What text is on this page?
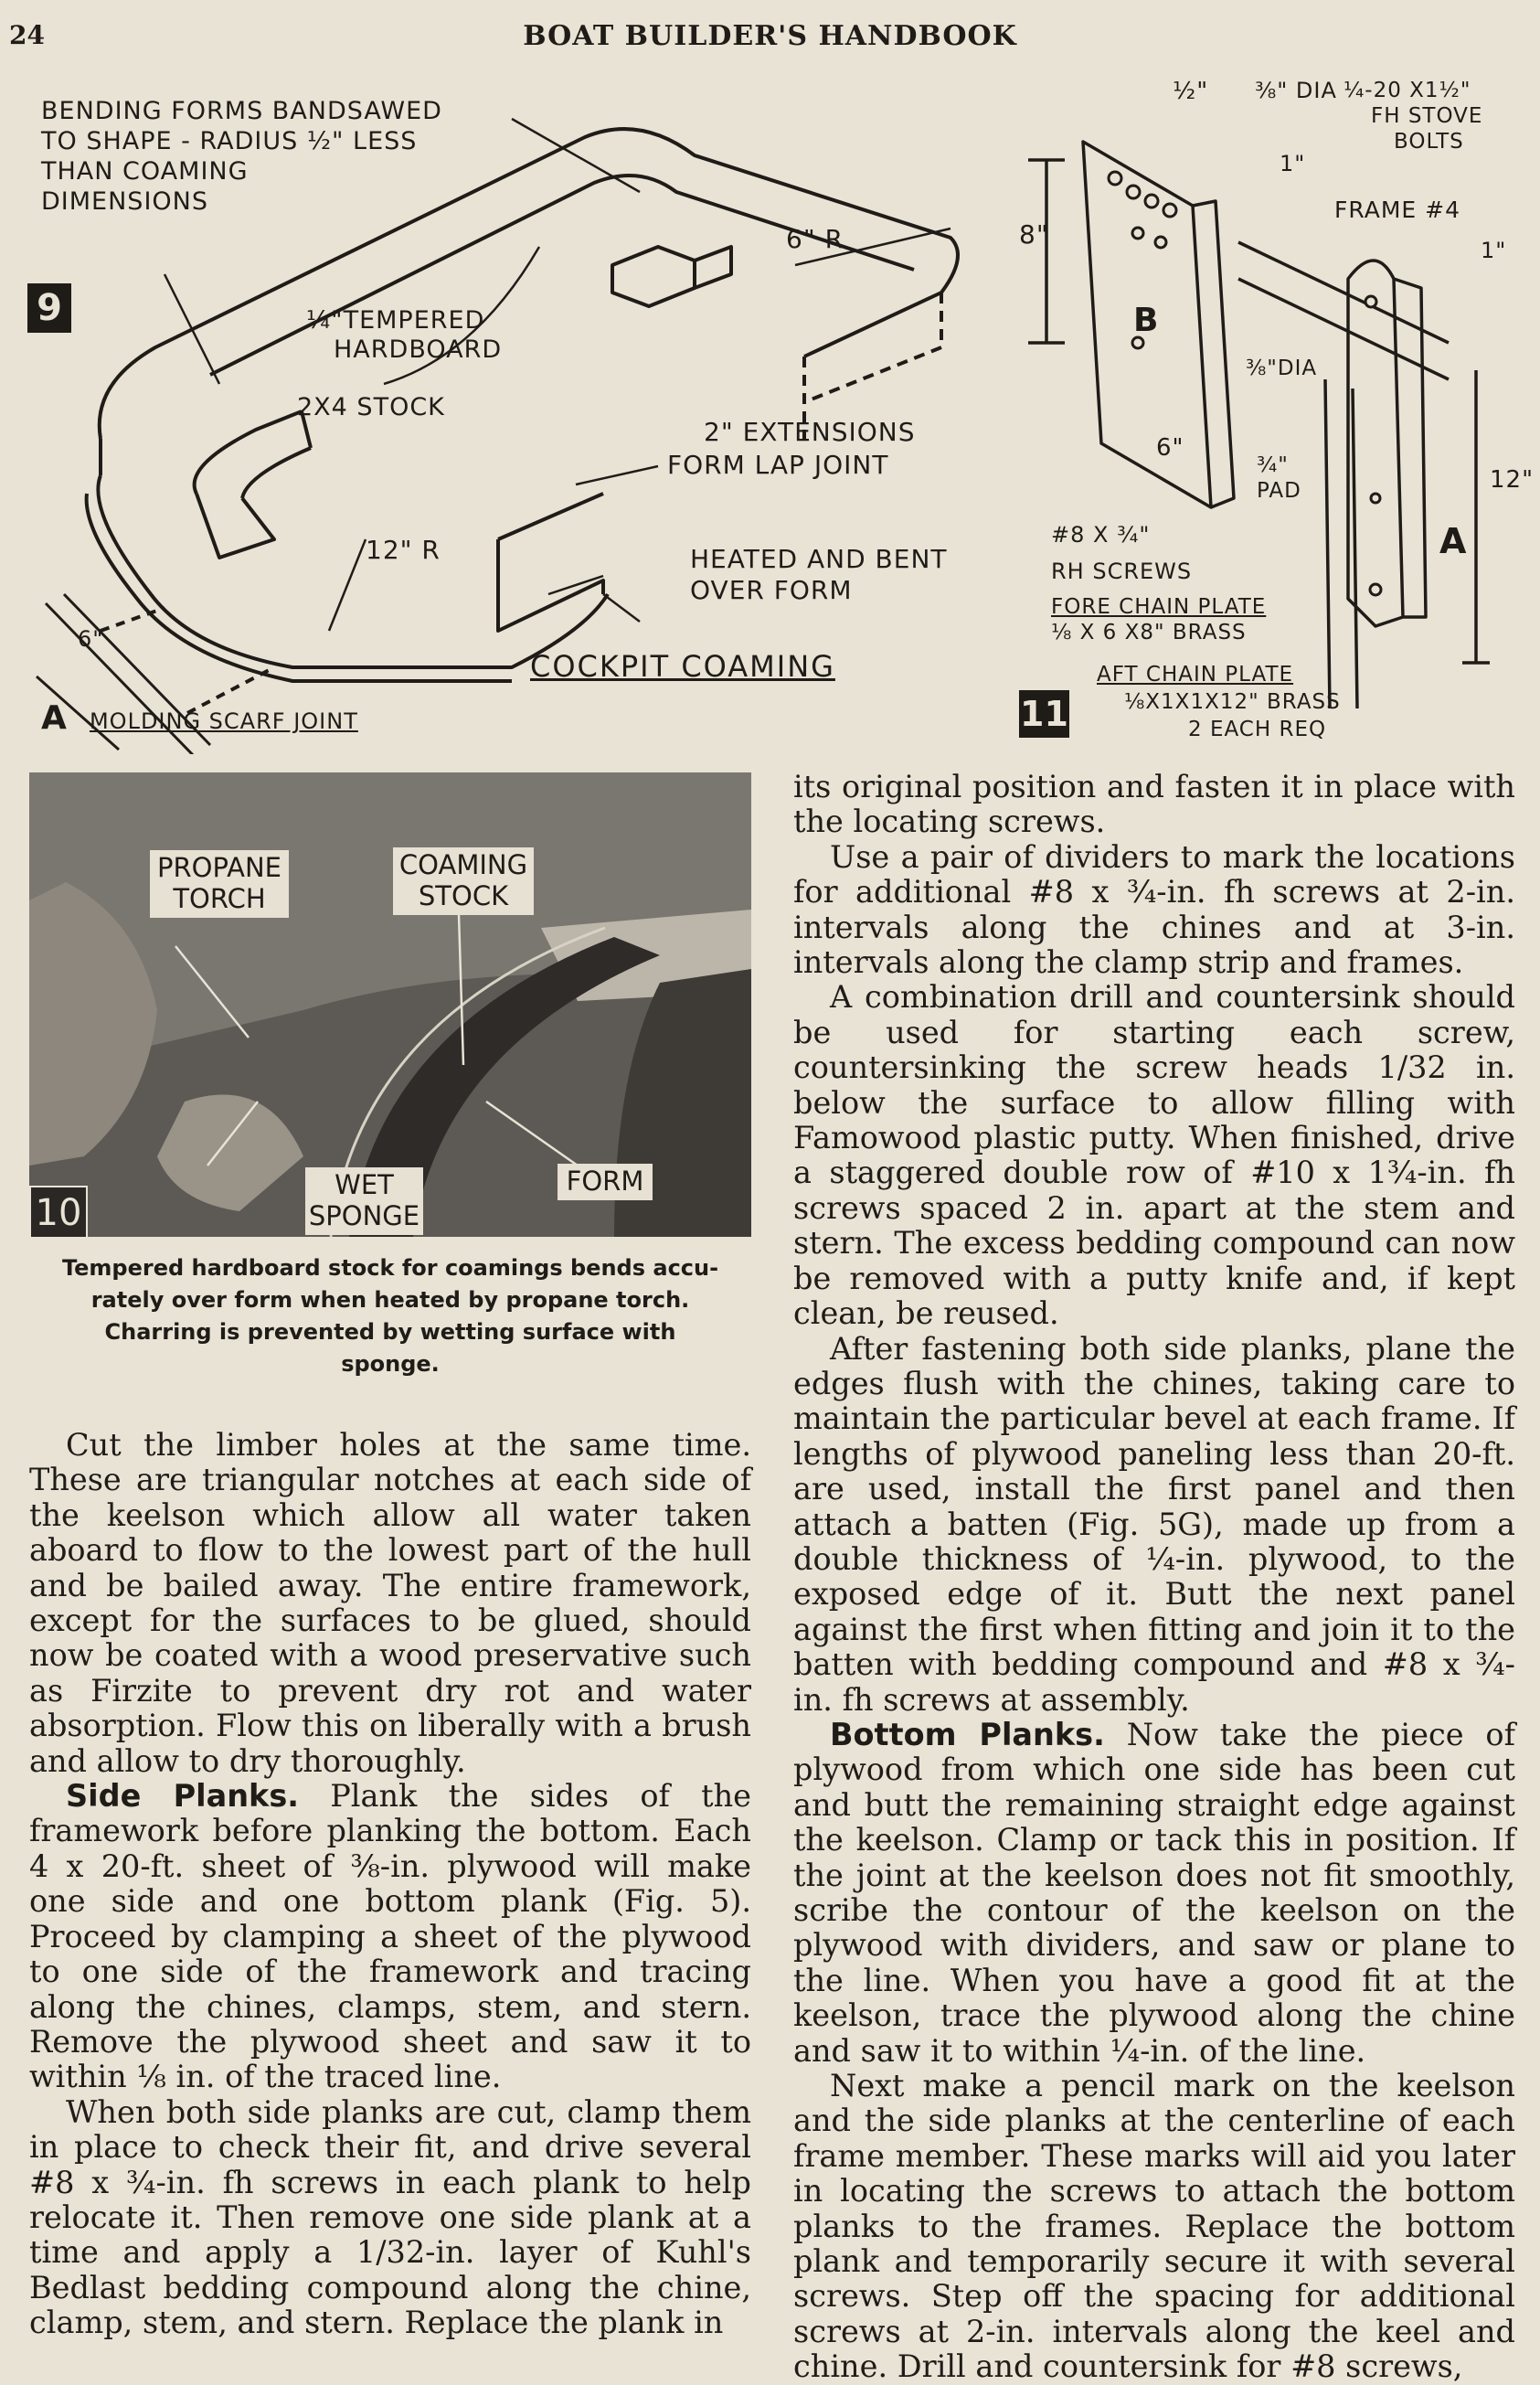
24	BOAT BUILDER'S HANDBOOK
9
BENDING FORMS BANDSAWED
TO SHAPE - RADIUS ½" LESS
THAN COAMING
DIMENSIONS
¼"TEMPERED
HARDBOARD
2X4 STOCK
6" R
2" EXTENSIONS
FORM LAP JOINT
12" R	HEATED AND BENT
OVER FORM
6"
COCKPIT COAMING
A MOLDING SCARF JOINT
½" ⅜" DIA ¼-20 X1½"
FH STOVE
BOLTS
1"
FRAME #4
1"
8"
B
⅜"DIA
6"
¾"
PAD	12"
A
#8 X ¾"
RH SCREWS
FORE CHAIN PLATE
⅛ X 6 X8" BRASS
AFT CHAIN PLATE
⅛X1X1X12" BRASS
2 EACH REQ
11
PROPANE
TORCH
COAMING
STOCK
WET
SPONGE
FORM
10
Tempered hardboard stock for coamings bends accu-
rately over form when heated by propane torch.
Charring is prevented by wetting surface with
sponge.

Cut the limber holes at the same time. These are triangular notches at each side of the keelson which allow all water taken aboard to flow to the lowest part of the hull and be bailed away. The entire framework, except for the surfaces to be glued, should now be coated with a wood preservative such as Firzite to prevent dry rot and water absorption. Flow this on liberally with a brush and allow to dry thoroughly.

Side Planks. Plank the sides of the framework before planking the bottom. Each 4 x 20-ft. sheet of ⅜-in. plywood will make one side and one bottom plank (Fig. 5). Proceed by clamping a sheet of the plywood to one side of the framework and tracing along the chines, clamps, stem, and stern. Remove the plywood sheet and saw it to within ⅛ in. of the traced line.

When both side planks are cut, clamp them in place to check their fit, and drive several #8 x ¾-in. fh screws in each plank to help relocate it. Then remove one side plank at a time and apply a 1/32-in. layer of Kuhl's Bedlast bedding compound along the chine, clamp, stem, and stern. Replace the plank in

its original position and fasten it in place with the locating screws.

Use a pair of dividers to mark the locations for additional #8 x ¾-in. fh screws at 2-in. intervals along the chines and at 3-in. intervals along the clamp strip and frames.

A combination drill and countersink should be used for starting each screw, countersinking the screw heads 1/32 in. below the surface to allow filling with Famowood plastic putty. When finished, drive a staggered double row of #10 x 1¾-in. fh screws spaced 2 in. apart at the stem and stern. The excess bedding compound can now be removed with a putty knife and, if kept clean, be reused.

After fastening both side planks, plane the edges flush with the chines, taking care to maintain the particular bevel at each frame. If lengths of plywood paneling less than 20-ft. are used, install the first panel and then attach a batten (Fig. 5G), made up from a double thickness of ¼-in. plywood, to the exposed edge of it. Butt the next panel against the first when fitting and join it to the batten with bedding compound and #8 x ¾-in. fh screws at assembly.

Bottom Planks. Now take the piece of plywood from which one side has been cut and butt the remaining straight edge against the keelson. Clamp or tack this in position. If the joint at the keelson does not fit smoothly, scribe the contour of the keelson on the plywood with dividers, and saw or plane to the line. When you have a good fit at the keelson, trace the plywood along the chine and saw it to within ¼-in. of the line.

Next make a pencil mark on the keelson and the side planks at the centerline of each frame member. These marks will aid you later in locating the screws to attach the bottom planks to the frames. Replace the bottom plank and temporarily secure it with several screws. Step off the spacing for additional screws at 2-in. intervals along the keel and chine. Drill and countersink for #8 screws,
